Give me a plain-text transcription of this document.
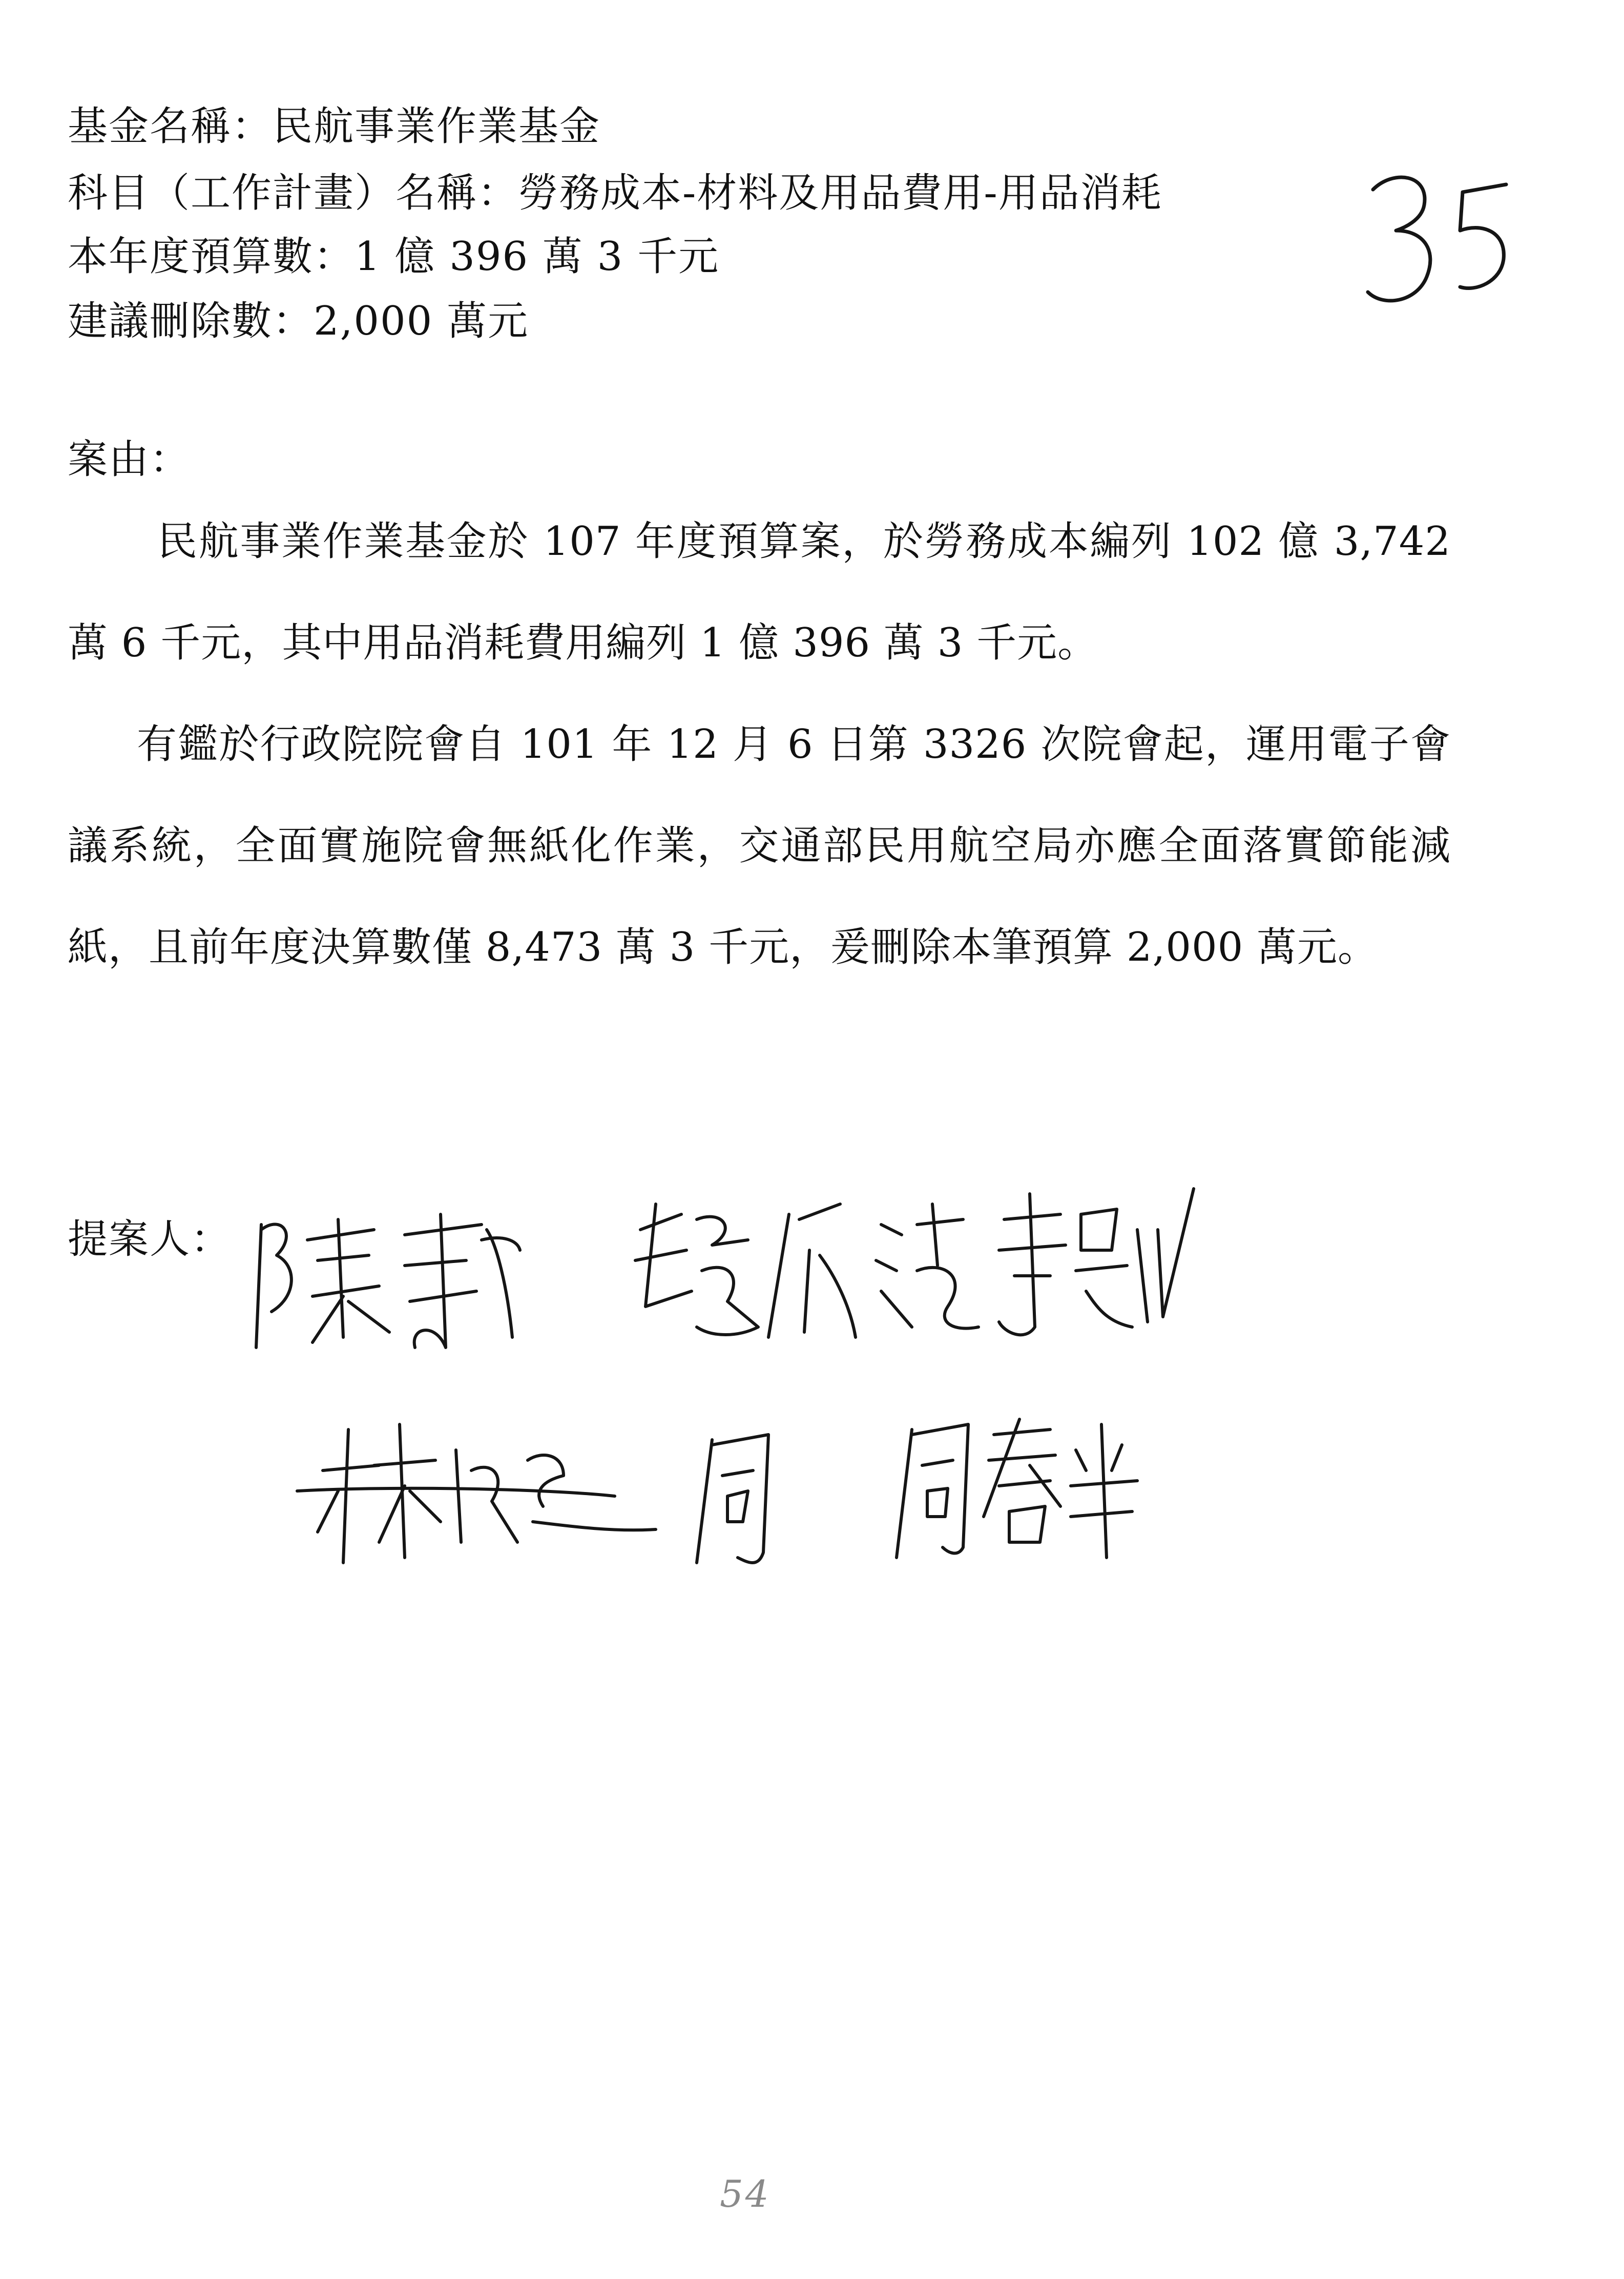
基金名稱：民航事業作業基金
科目（工作計畫）名稱：勞務成本-材料及用品費用-用品消耗
本年度預算數：1 億 396 萬 3 千元
建議刪除數：2,000 萬元
案由：

民航事業作業基金於 107 年度預算案，於勞務成本編列 102 億 3,742 萬 6 千元，其中用品消耗費用編列 1 億 396 萬 3 千元。

有鑑於行政院院會自 101 年 12 月 6 日第 3326 次院會起，運用電子會議系統，全面實施院會無紙化作業，交通部民用航空局亦應全面落實節能減紙，且前年度決算數僅 8,473 萬 3 千元，爰刪除本筆預算 2,000 萬元。

提案人：
54
